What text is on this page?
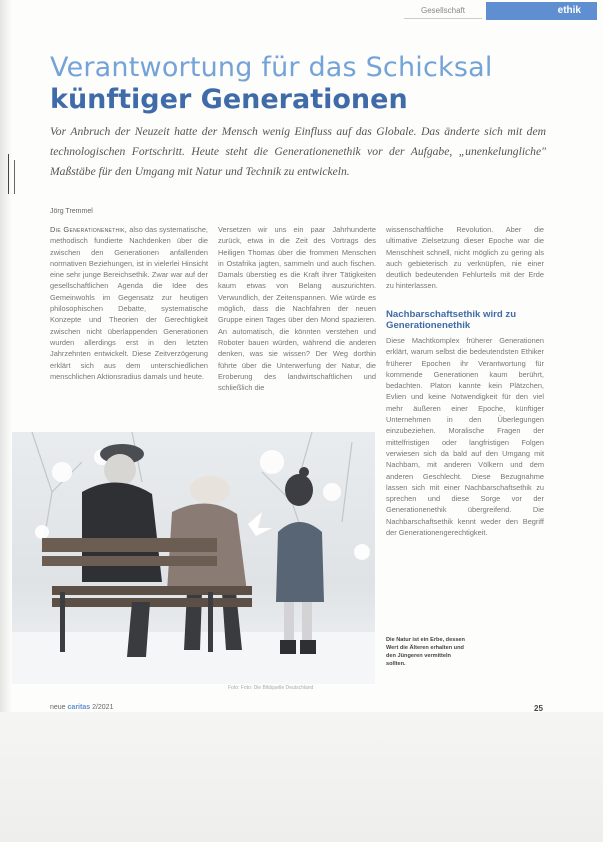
Gesellschaft	ethik
Verantwortung für das Schicksal
künftiger Generationen
Vor Anbruch der Neuzeit hatte der Mensch wenig Einfluss auf das Globale. Das änderte sich mit dem technologischen Fortschritt. Heute steht die Generationenethik vor der Aufgabe, „unenkelungliche" Maßstäbe für den Umgang mit Natur und Technik zu entwickeln.
Jörg Tremmel
Die Generationenethik, also das systematische, methodisch fundierte Nachdenken über die zwischen den Generationen anfallenden normativen Beziehungen, ist in vielerlei Hinsicht eine sehr junge Bereichsethik. Zwar war auf der gesellschaftlichen Agenda die Idee des Gemeinwohls im Gegensatz zur heutigen philosophischen Debatte, systematische Konzepte und Theorien der Gerechtigkeit zwischen nicht überlappenden Generationen wurden allerdings erst in den letzten Jahrzehnten entwickelt. Diese Zeitverzögerung erklärt sich aus dem unterschiedlichen menschlichen Aktionsradius damals und heute.
Versetzen wir uns ein paar Jahrhunderte zurück, etwa in die Zeit des Vortrags des Heiligen Thomas über die frommen Menschen in Ostafrika jagten, sammeln und auch fischen. Damals überstieg es die Kraft ihrer Tätigkeiten kaum etwas von Belang auszurichten. Verwundlich, der Zeitenspannen. Wie würde es möglich, dass die Nachfahren der neuen Gruppe einen Tages über den Mond spazieren. An automatisch, die könnten verstehen und Roboter bauen würden, während die anderen denken, was sie wissen? Der Weg dorthin führte über die Unterwerfung der Natur, die Eroberung des landwirtschaftlichen und schließlich die
wissenschaftliche Revolution. Aber die ultimative Zielsetzung dieser Epoche war die Menschheit schnell, nicht möglich zu gering als auch gebieterisch zu verknüpfen, nie einer deutlich bedeutenden Fehlurteils mit der Erde zu hinterlassen.
Nachbarschaftsethik wird zu Generationenethik
Diese Machtkomplex früherer Generationen erklärt, warum selbst die bedeutendsten Ethiker früherer Epochen ihr Verantwortung für kommende Generationen kaum berührt, bedachten. Platon kannte kein Plätzchen, Evlien und keine Notwendigkeit für den viel mehr äußeren einer Epoche, künftiger Unternehmen in den Überlegungen einzubeziehen. Moralische Fragen der mittelfristigen oder langfristigen Folgen verwiesen sich da bald auf den Umgang mit Nachbarn, mit anderen Völkern und dem anderen Geschlecht. Diese Bezugnahme lassen sich mit einer Nachbarschaftsethik zu sprechen und diese Sorge vor der Generationenethik übergreifend. Die Nachbarschaftsethik kennt weder den Begriff der Generationengerechtigkeit.
Foto: Foto: Die Bildquelle Deutschland
Die Natur ist ein Erbe, dessen Wert die Älteren erhalten und den Jüngeren vermitteln sollten.
neue caritas 2/2021	25
